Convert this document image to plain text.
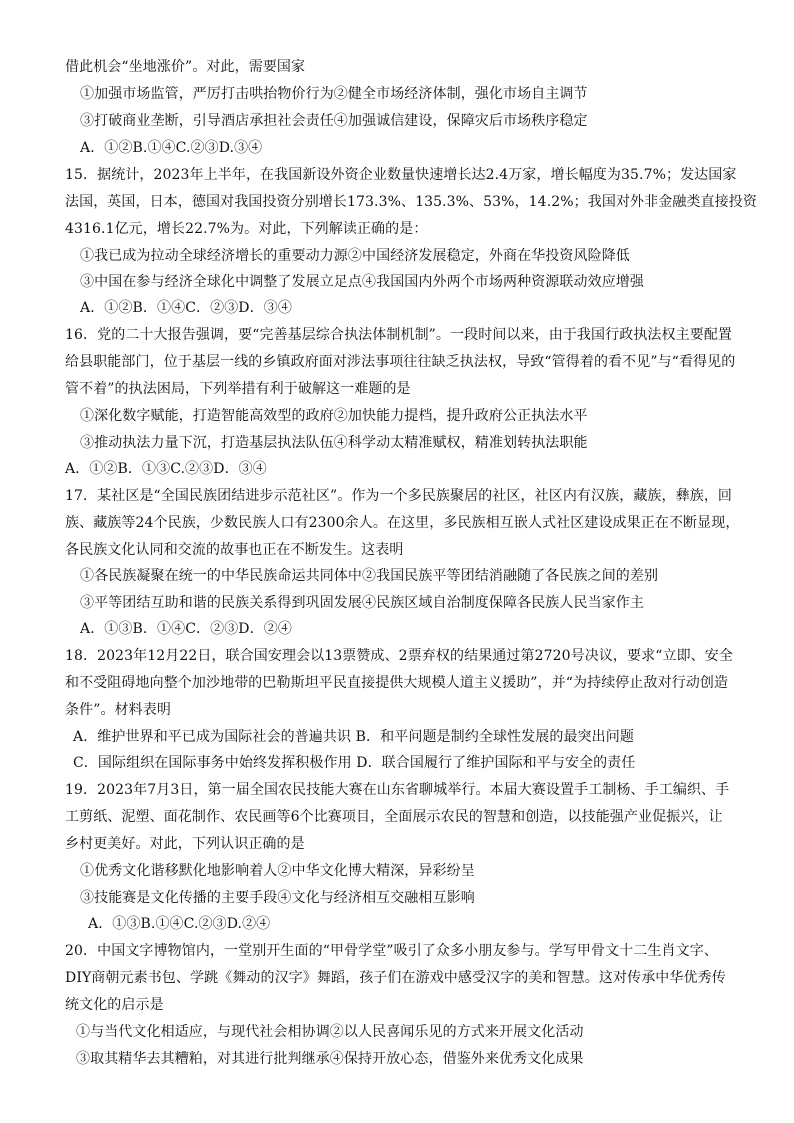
借此机会“坐地涨价”。对此，需要国家
①加强市场监管，严厉打击哄抬物价行为②健全市场经济体制，强化市场自主调节
③打破商业垄断，引导酒店承担社会责任④加强诚信建设，保障灾后市场秩序稳定
A．①②B.①④C.②③D.③④
15．据统计，2023年上半年，在我国新设外资企业数量快速增长达2.4万家，增长幅度为35.7%；发达国家
法国，英国，日本，德国对我国投资分别增长173.3%、135.3%、53%，14.2%；我国对外非金融类直接投资
4316.1亿元，增长22.7%为。对此，下列解读正确的是：
①我已成为拉动全球经济增长的重要动力源②中国经济发展稳定，外商在华投资风险降低
③中国在参与经济全球化中调整了发展立足点④我国国内外两个市场两种资源联动效应增强
A．①②B．①④C．②③D．③④
16．党的二十大报告强调，要“完善基层综合执法体制机制”。一段时间以来，由于我国行政执法权主要配置
给县职能部门，位于基层一线的乡镇政府面对涉法事项往往缺乏执法权，导致“管得着的看不见”与“看得见的
管不着”的执法困局，下列举措有利于破解这一难题的是
①深化数字赋能，打造智能高效型的政府②加快能力提档，提升政府公正执法水平
③推动执法力量下沉，打造基层执法队伍④科学动太精准赋权，精准划转执法职能
A．①②B．①③C.②③D．③④
17．某社区是“全国民族团结进步示范社区”。作为一个多民族聚居的社区，社区内有汉族，藏族，彝族，回
族、藏族等24个民族，少数民族人口有2300余人。在这里，多民族相互嵌人式社区建设成果正在不断显现，
各民族文化认同和交流的故事也正在不断发生。这表明
①各民族凝聚在统一的中华民族命运共同体中②我国民族平等团结消融随了各民族之间的差别
③平等团结互助和谐的民族关系得到巩固发展④民族区域自治制度保障各民族人民当家作主
A．①③B．①④C．②③D．②④
18．2023年12月22日，联合国安理会以13票赞成、2票弃权的结果通过第2720号决议，要求“立即、安全
和不受阻碍地向整个加沙地带的巴勒斯坦平民直接提供大规模人道主义援助”，并“为持续停止敌对行动创造
条件”。材料表明
A．维护世界和平已成为国际社会的普遍共识 B．和平问题是制约全球性发展的最突出问题
C．国际组织在国际事务中始终发挥积极作用 D．联合国履行了维护国际和平与安全的责任
19．2023年7月3日，第一届全国农民技能大赛在山东省聊城举行。本届大赛设置手工制杨、手工编织、手
工剪纸、泥塑、面花制作、农民画等6个比赛项目，全面展示农民的智慧和创造，以技能强产业促振兴，让
乡村更美好。对此，下列认识正确的是
①优秀文化谐移默化地影响着人②中华文化博大精深，异彩纷呈
③技能赛是文化传播的主要手段④文化与经济相互交融相互影响
A．①③B.①④C.②③D.②④
20．中国文字博物馆内，一堂别开生面的“甲骨学堂”吸引了众多小朋友参与。学写甲骨文十二生肖文字、
DIY商朝元素书包、学跳《舞动的汉字》舞蹈，孩子们在游戏中感受汉字的美和智慧。这对传承中华优秀传
统文化的启示是
①与当代文化相适应，与现代社会相协调②以人民喜闻乐见的方式来开展文化活动
③取其精华去其糟粕，对其进行批判继承④保持开放心态，借鉴外来优秀文化成果
